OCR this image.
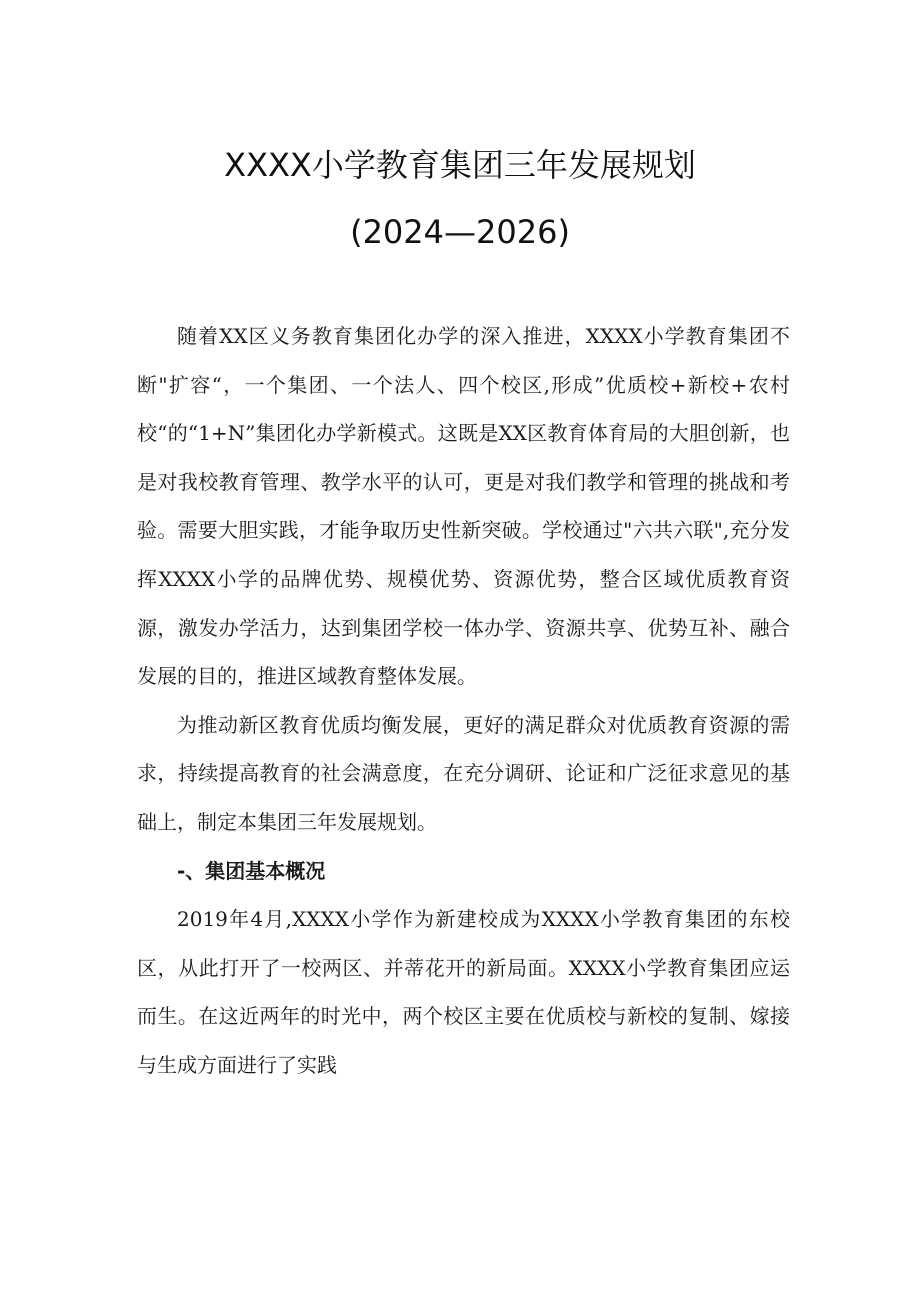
XXXX小学教育集团三年发展规划
(2024—2026)

随着XX区义务教育集团化办学的深入推进，XXXX小学教育集团不断"扩容“，一个集团、一个法人、四个校区,形成”优质校+新校+农村校“的“1+N”集团化办学新模式。这既是XX区教育体育局的大胆创新，也是对我校教育管理、教学水平的认可，更是对我们教学和管理的挑战和考验。需要大胆实践，才能争取历史性新突破。学校通过"六共六联",充分发挥XXXX小学的品牌优势、规模优势、资源优势，整合区域优质教育资源，激发办学活力，达到集团学校一体办学、资源共享、优势互补、融合发展的目的，推进区域教育整体发展。

为推动新区教育优质均衡发展，更好的满足群众对优质教育资源的需求，持续提高教育的社会满意度，在充分调研、论证和广泛征求意见的基础上，制定本集团三年发展规划。

-、集团基本概况

2019年4月,XXXX小学作为新建校成为XXXX小学教育集团的东校区，从此打开了一校两区、并蒂花开的新局面。XXXX小学教育集团应运而生。在这近两年的时光中，两个校区主要在优质校与新校的复制、嫁接与生成方面进行了实践
